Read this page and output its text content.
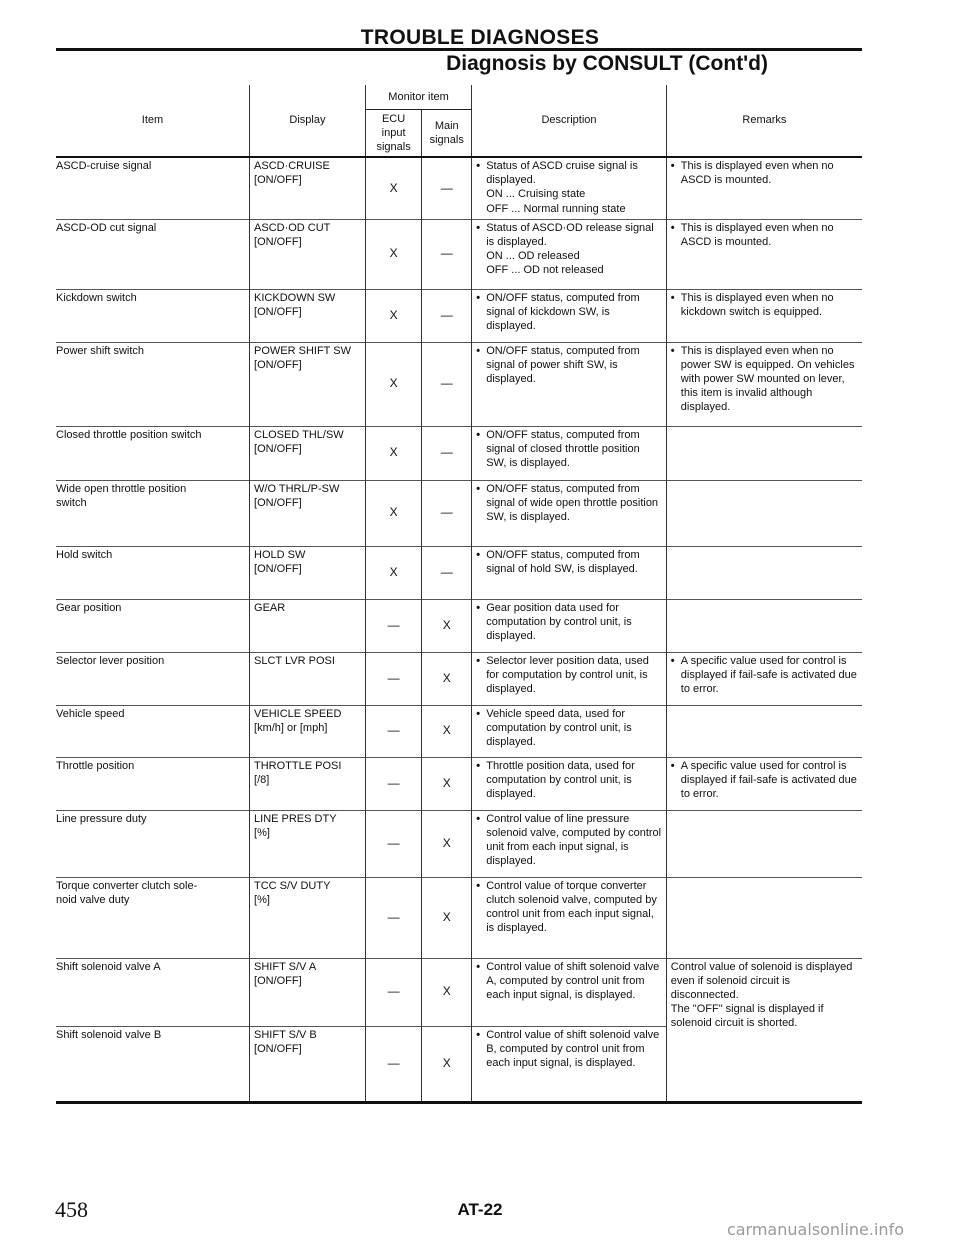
TROUBLE DIAGNOSES
Diagnosis by CONSULT (Cont'd)
Item	Display	Monitor item		Description	Remarks
		ECU
input
signals	Main
signals		
ASCD-cruise signal	ASCD·CRUISE
[ON/OFF]	X	—	• Status of ASCD cruise signal is displayed.
ON ... Cruising state
OFF ... Normal running state	• This is displayed even when no ASCD is mounted.

ASCD-OD cut signal	ASCD·OD CUT
[ON/OFF]	X	—	• Status of ASCD·OD release signal is displayed.
ON ... OD released
OFF ... OD not released	• This is displayed even when no ASCD is mounted.

Kickdown switch	KICKDOWN SW
[ON/OFF]	X	—	• ON/OFF status, computed from signal of kickdown SW, is displayed.	• This is displayed even when no kickdown switch is equipped.

Power shift switch	POWER SHIFT SW
[ON/OFF]	X	—	• ON/OFF status, computed from signal of power shift SW, is displayed.	• This is displayed even when no power SW is equipped. On vehicles with power SW mounted on lever, this item is invalid although displayed.

Closed throttle position switch	CLOSED THL/SW
[ON/OFF]	X	—	• ON/OFF status, computed from signal of closed throttle position SW, is displayed.	

Wide open throttle position
switch	W/O THRL/P-SW
[ON/OFF]	X	—	• ON/OFF status, computed from signal of wide open throttle position SW, is displayed.	

Hold switch	HOLD SW
[ON/OFF]	X	—	• ON/OFF status, computed from signal of hold SW, is displayed.	

Gear position	GEAR	—	X	• Gear position data used for computation by control unit, is displayed.	

Selector lever position	SLCT LVR POSI	—	X	• Selector lever position data, used for computation by control unit, is displayed.	• A specific value used for control is displayed if fail-safe is activated due to error.

Vehicle speed	VEHICLE SPEED
[km/h] or [mph]	—	X	• Vehicle speed data, used for computation by control unit, is displayed.	

Throttle position	THROTTLE POSI
[/8]	—	X	• Throttle position data, used for computation by control unit, is displayed.	• A specific value used for control is displayed if fail-safe is activated due to error.

Line pressure duty	LINE PRES DTY
[%]	—	X	• Control value of line pressure solenoid valve, computed by control unit from each input signal, is displayed.	

Torque converter clutch sole-
noid valve duty	TCC S/V DUTY
[%]	—	X	• Control value of torque converter clutch solenoid valve, computed by control unit from each input signal, is displayed.	

Shift solenoid valve A	SHIFT S/V A
[ON/OFF]	—	X	• Control value of shift solenoid valve A, computed by control unit from each input signal, is displayed.	Control value of solenoid is displayed even if solenoid circuit is disconnected.
The "OFF" signal is displayed if solenoid circuit is shorted.
Shift solenoid valve B	SHIFT S/V B
[ON/OFF]	—	X	• Control value of shift solenoid valve B, computed by control unit from each input signal, is displayed.	
AT-22
458
carmanualsonline.info
